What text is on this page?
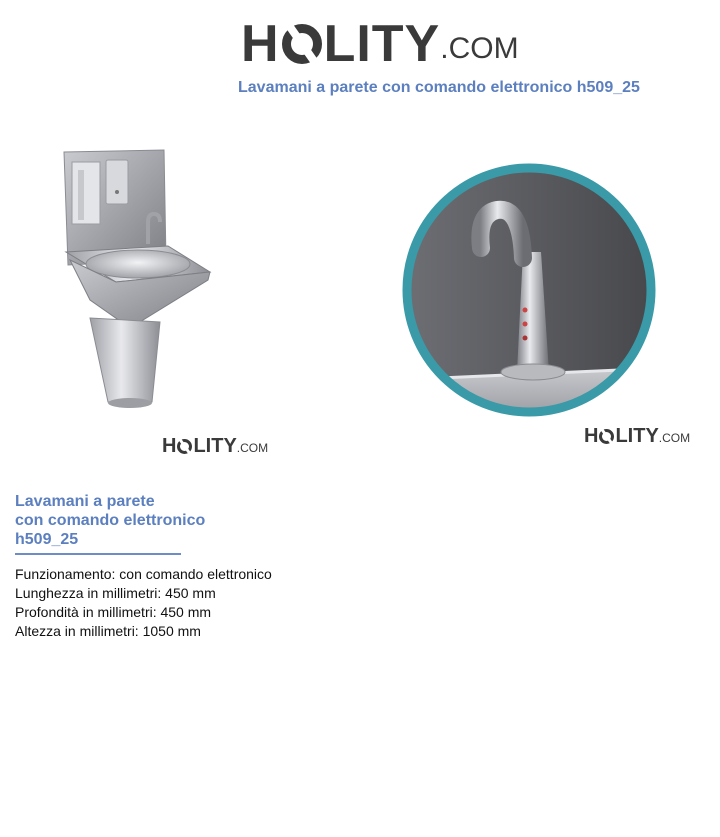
H LITY .COM
Lavamani a parete con comando elettronico h509_25
H LITY .COM
H LITY .COM
Lavamani a parete
con comando elettronico
h509_25
Funzionamento: con comando elettronico
Lunghezza in millimetri: 450 mm
Profondità in millimetri: 450 mm
Altezza in millimetri: 1050 mm
